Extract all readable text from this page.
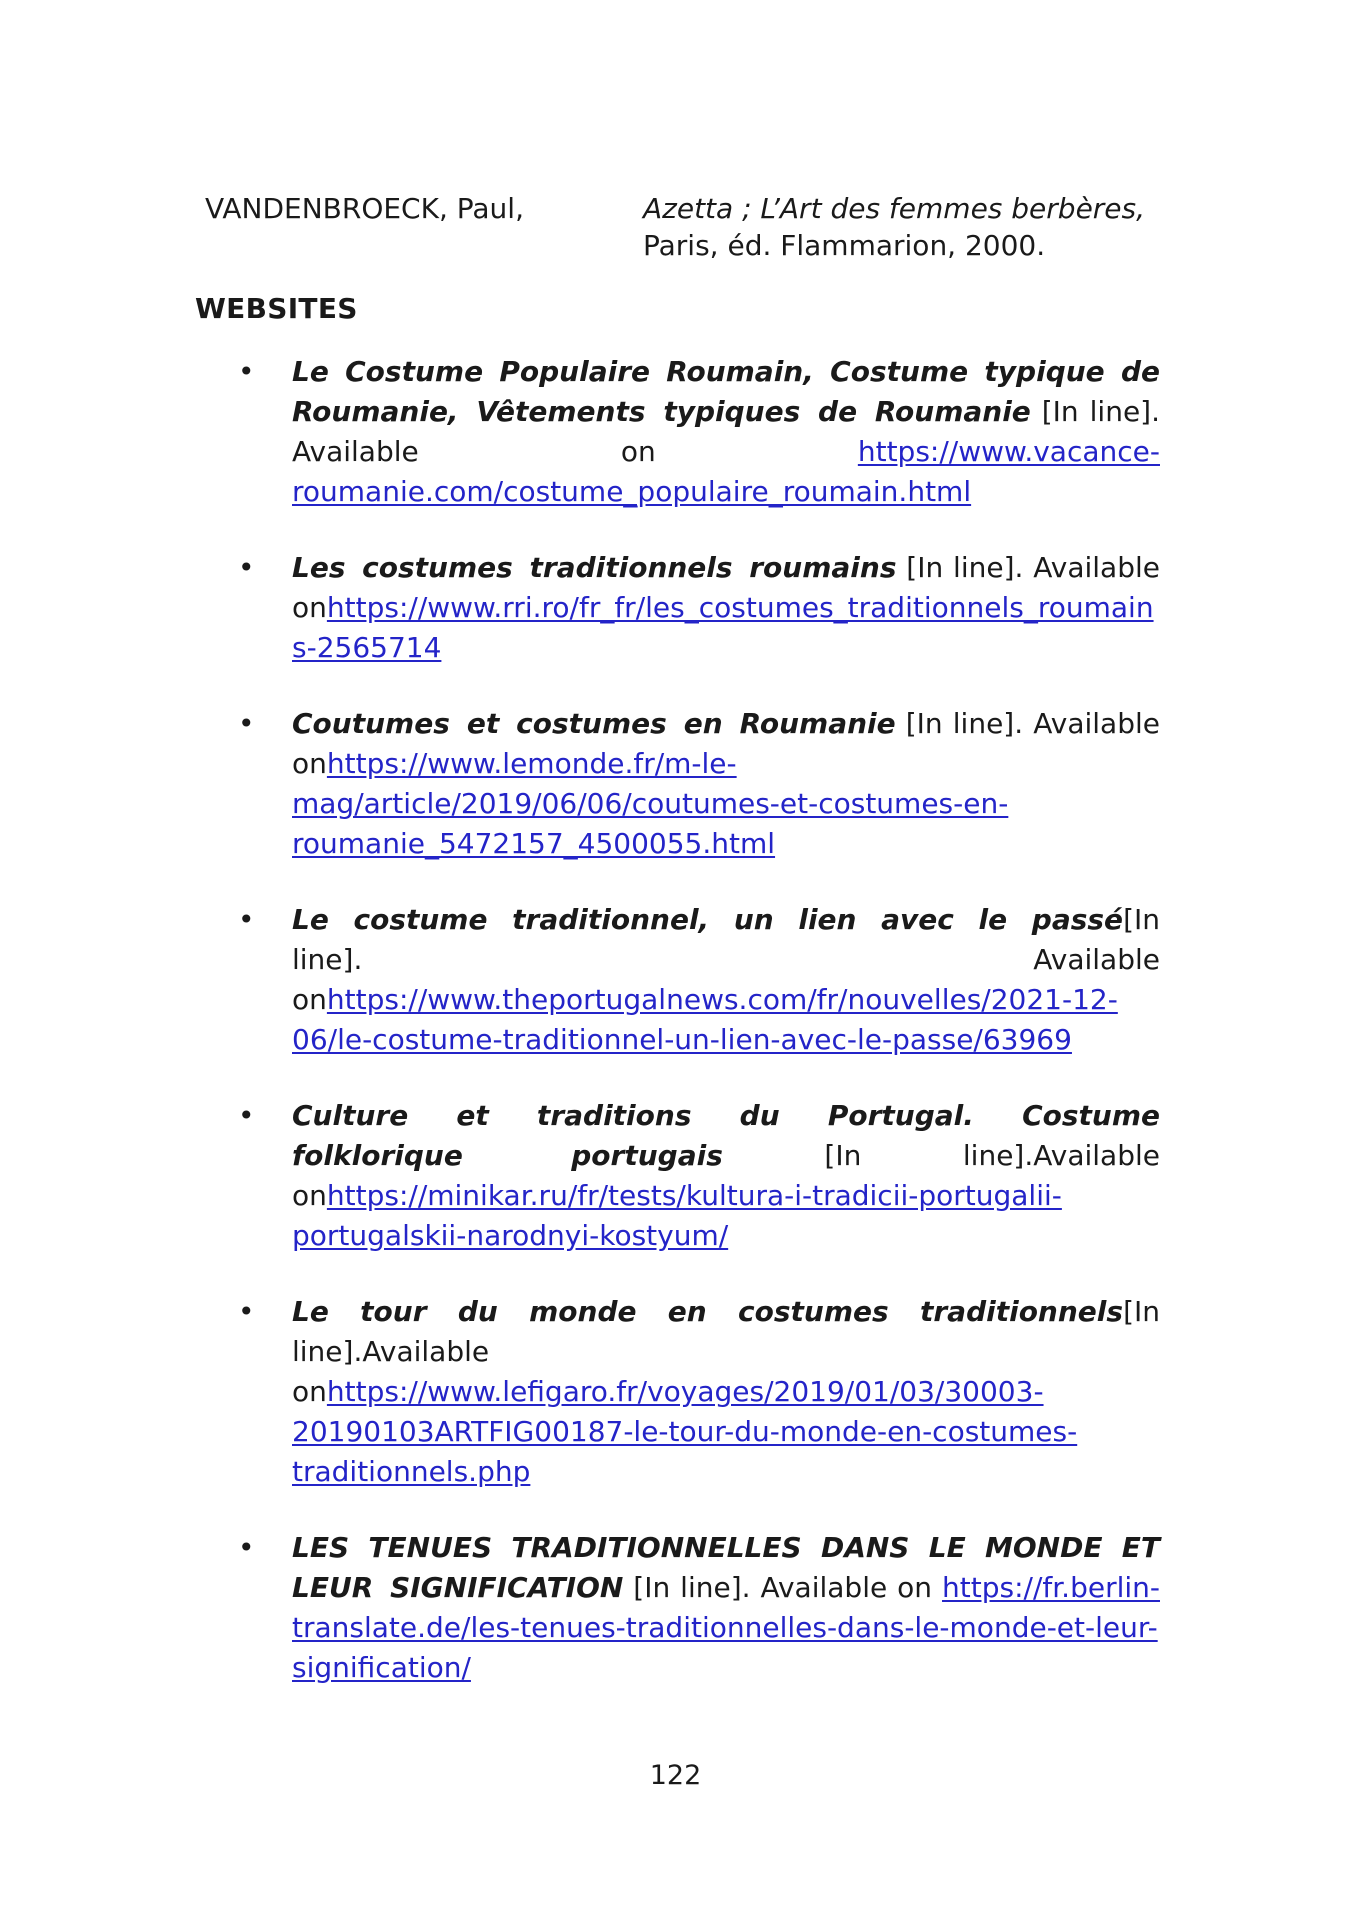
VANDENBROECK, Paul,	Azetta ; L’Art des femmes berbères,
Paris, éd. Flammarion, 2000.
WEBSITES
• Le Costume Populaire Roumain, Costume typique de Roumanie, Vêtements typiques de Roumanie [In line]. Available on https://www.vacance-roumanie.com/costume_populaire_roumain.html
• Les costumes traditionnels roumains [In line]. Available onhttps://www.rri.ro/fr_fr/les_costumes_traditionnels_roumains-2565714
• Coutumes et costumes en Roumanie [In line]. Available onhttps://www.lemonde.fr/m-le-mag/article/2019/06/06/coutumes-et-costumes-en-roumanie_5472157_4500055.html
• Le costume traditionnel, un lien avec le passé[In line]. Available onhttps://www.theportugalnews.com/fr/nouvelles/2021-12-06/le-costume-traditionnel-un-lien-avec-le-passe/63969
• Culture et traditions du Portugal. Costume folklorique portugais [In line].Available onhttps://minikar.ru/fr/tests/kultura-i-tradicii-portugalii-portugalskii-narodnyi-kostyum/
• Le tour du monde en costumes traditionnels[In line].Available onhttps://www.lefigaro.fr/voyages/2019/01/03/30003-20190103ARTFIG00187-le-tour-du-monde-en-costumes-traditionnels.php
• LES TENUES TRADITIONNELLES DANS LE MONDE ET LEUR SIGNIFICATION [In line]. Available on https://fr.berlin-translate.de/les-tenues-traditionnelles-dans-le-monde-et-leur-signification/
122
